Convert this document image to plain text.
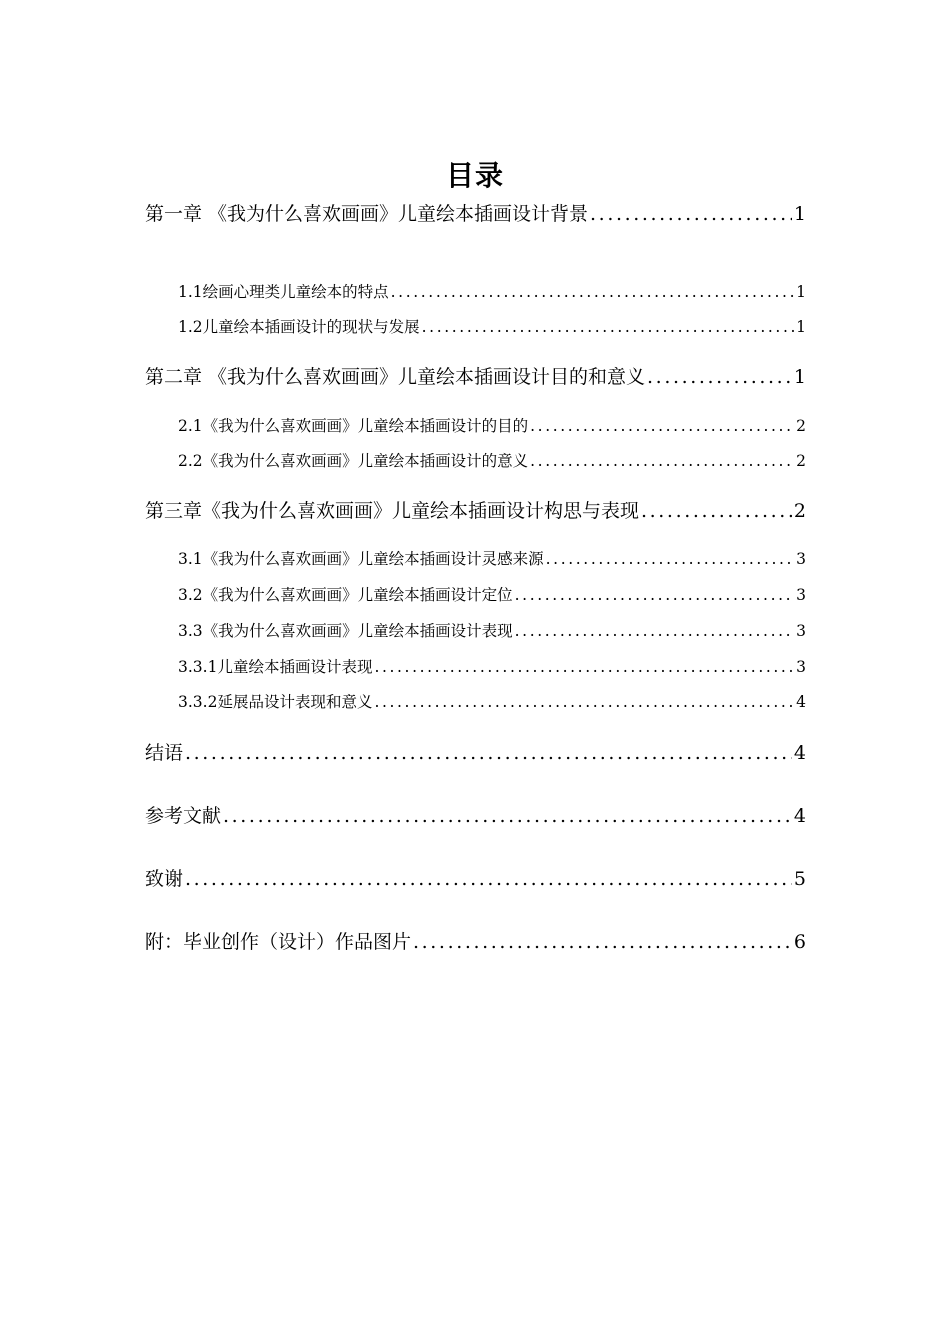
目录
第一章 《我为什么喜欢画画》儿童绘本插画设计背景 .....	1
1.1绘画心理类儿童绘本的特点 .....	1
1.2儿童绘本插画设计的现状与发展 .....	1
第二章 《我为什么喜欢画画》儿童绘本插画设计目的和意义 .....	1
2.1《我为什么喜欢画画》儿童绘本插画设计的目的 .....	2
2.2《我为什么喜欢画画》儿童绘本插画设计的意义 .....	2
第三章《我为什么喜欢画画》儿童绘本插画设计构思与表现 .....	2
3.1《我为什么喜欢画画》儿童绘本插画设计灵感来源 .....	3
3.2《我为什么喜欢画画》儿童绘本插画设计定位 .....	3
3.3《我为什么喜欢画画》儿童绘本插画设计表现 .....	3
3.3.1儿童绘本插画设计表现 .....	3
3.3.2延展品设计表现和意义 .....	4
结语 .....	4
参考文献 .....	4
致谢 .....	5
附：毕业创作（设计）作品图片 .....	6
